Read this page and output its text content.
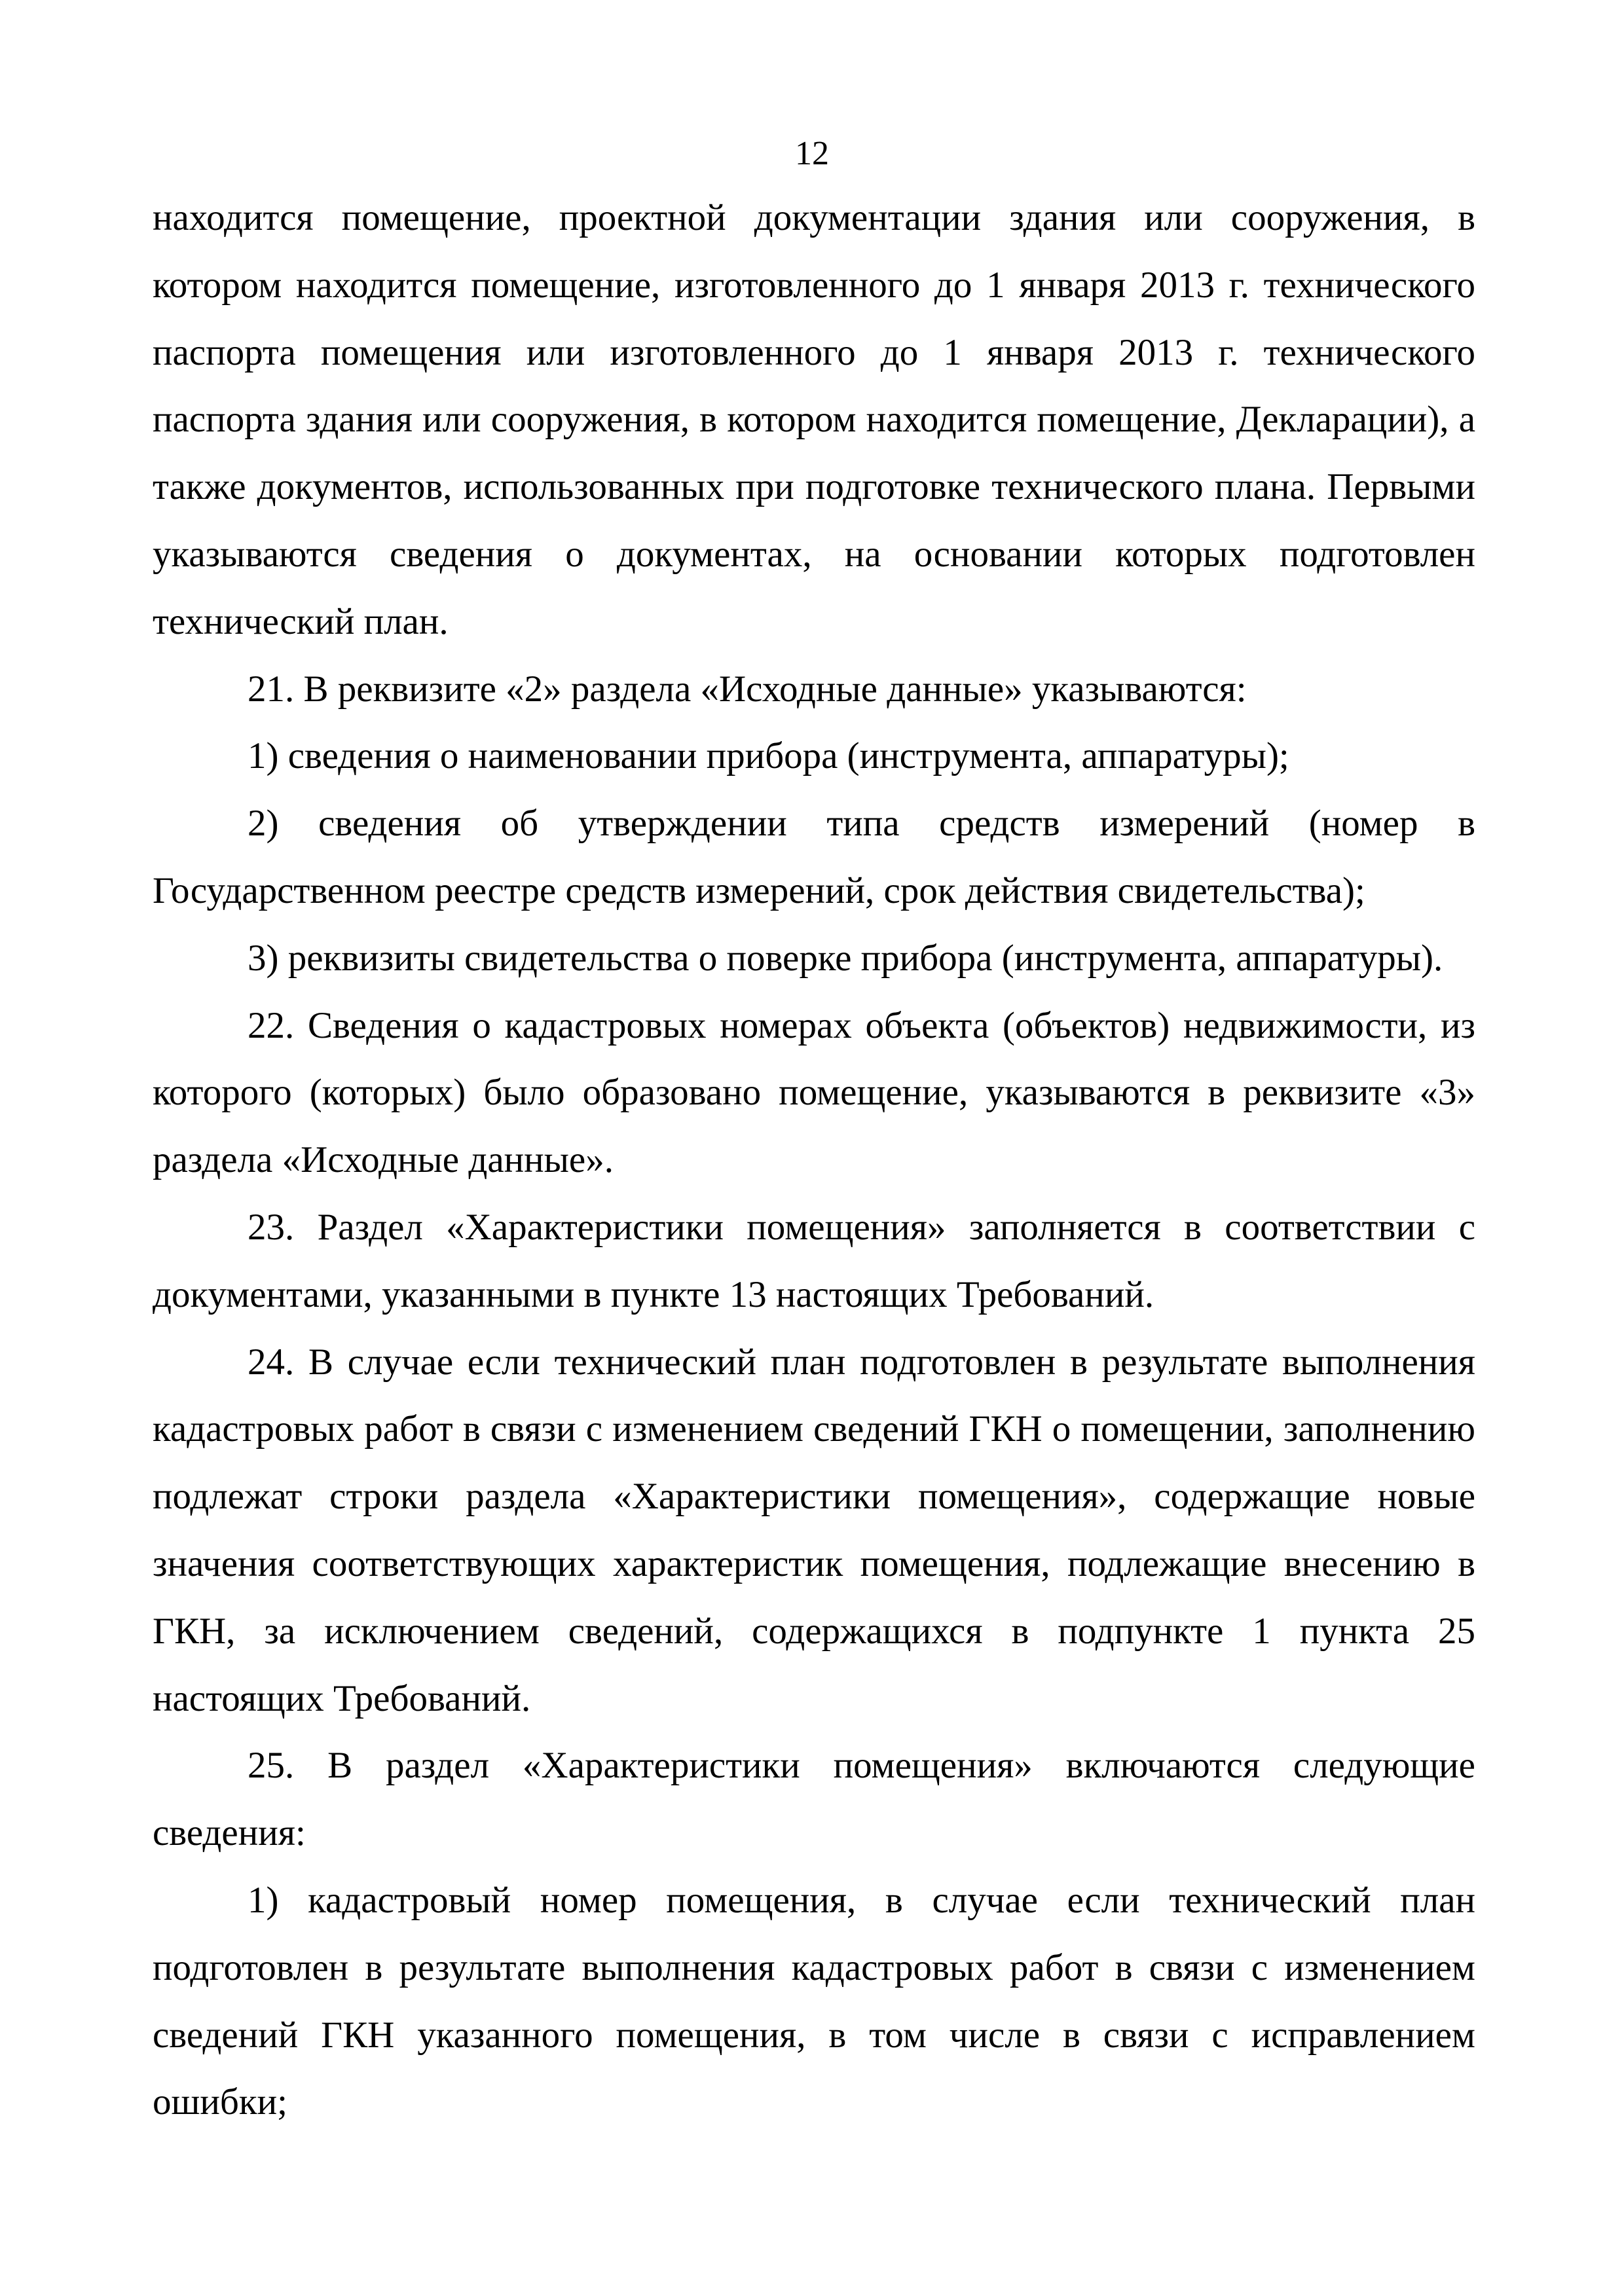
12

находится помещение, проектной документации здания или сооружения, в котором находится помещение, изготовленного до 1 января 2013 г. технического паспорта помещения или изготовленного до 1 января 2013 г. технического паспорта здания или сооружения, в котором находится помещение, Декларации), а также документов, использованных при подготовке технического плана. Первыми указываются сведения о документах, на основании которых подготовлен технический план.

21. В реквизите «2» раздела «Исходные данные» указываются:

1) сведения о наименовании прибора (инструмента, аппаратуры);

2) сведения об утверждении типа средств измерений (номер в Государственном реестре средств измерений, срок действия свидетельства);

3) реквизиты свидетельства о поверке прибора (инструмента, аппаратуры).

22. Сведения о кадастровых номерах объекта (объектов) недвижимости, из которого (которых) было образовано помещение, указываются в реквизите «3» раздела «Исходные данные».

23. Раздел «Характеристики помещения» заполняется в соответствии с документами, указанными в пункте 13 настоящих Требований.

24. В случае если технический план подготовлен в результате выполнения кадастровых работ в связи с изменением сведений ГКН о помещении, заполнению подлежат строки раздела «Характеристики помещения», содержащие новые значения соответствующих характеристик помещения, подлежащие внесению в ГКН, за исключением сведений, содержащихся в подпункте 1 пункта 25 настоящих Требований.

25. В раздел «Характеристики помещения» включаются следующие сведения:

1) кадастровый номер помещения, в случае если технический план подготовлен в результате выполнения кадастровых работ в связи с изменением сведений ГКН указанного помещения, в том числе в связи с исправлением ошибки;
